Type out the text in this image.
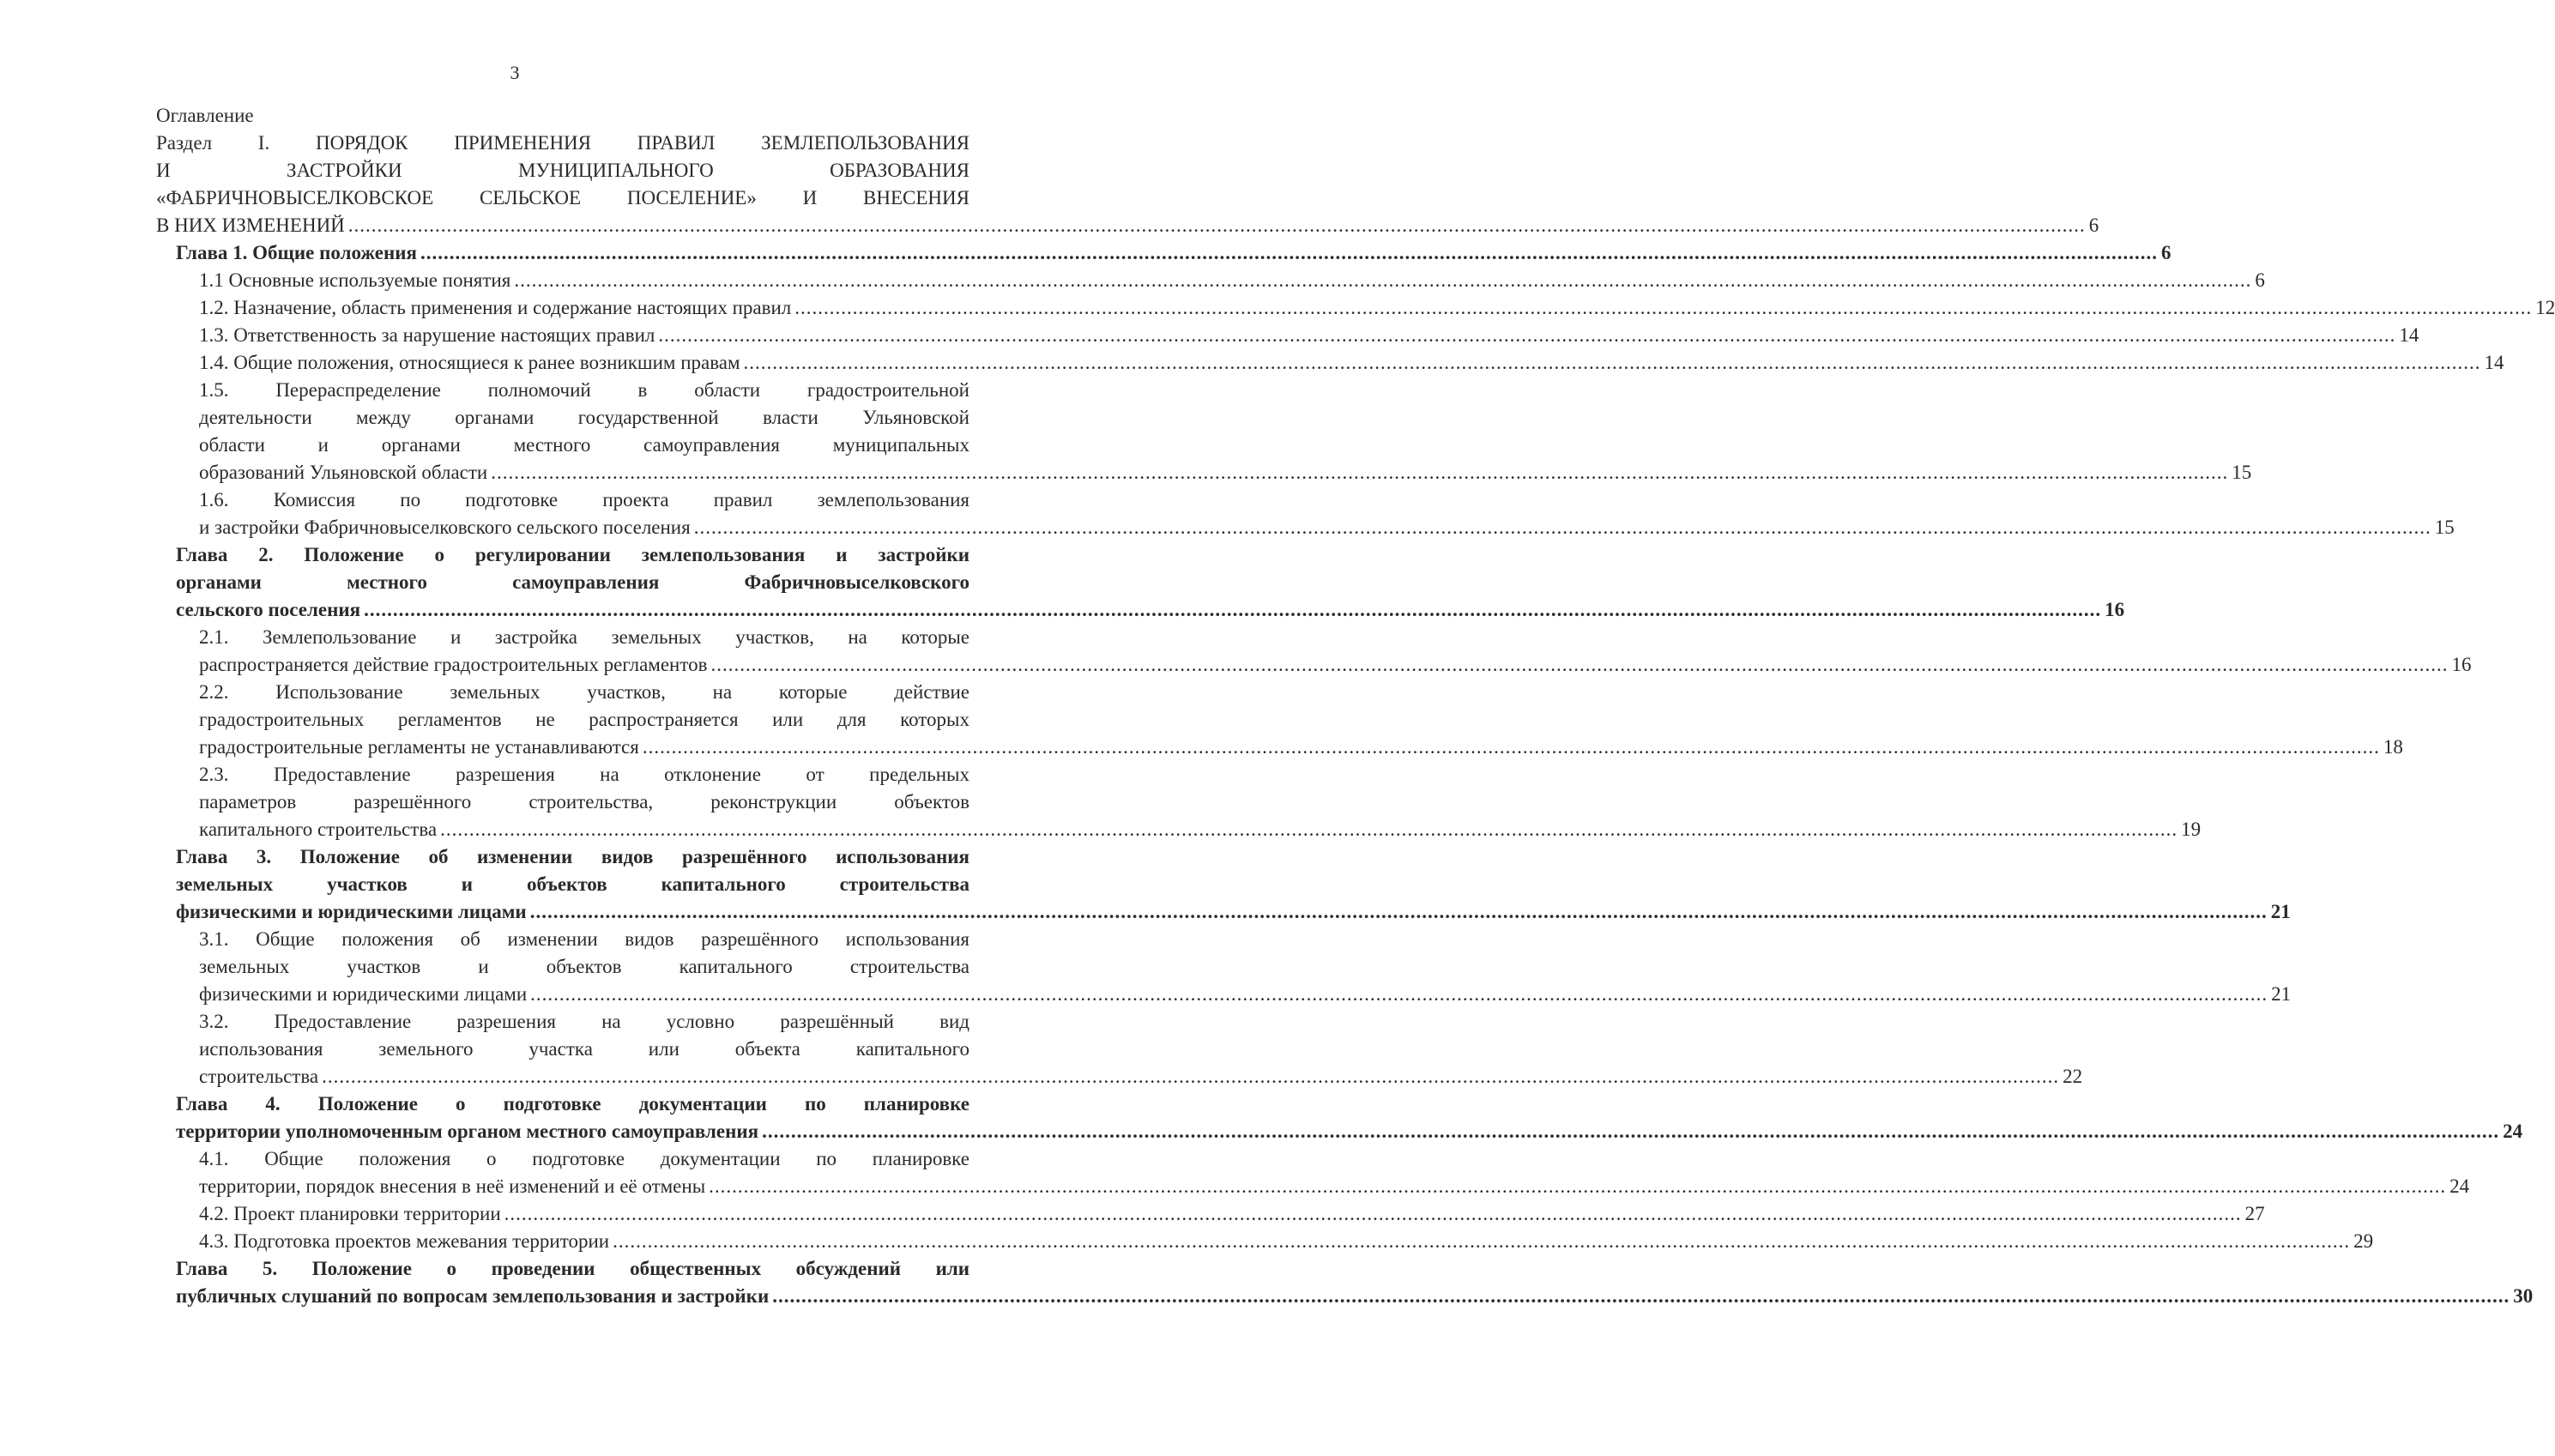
3
Оглавление
Раздел I. ПОРЯДОК ПРИМЕНЕНИЯ ПРАВИЛ ЗЕМЛЕПОЛЬЗОВАНИЯ
И ЗАСТРОЙКИ МУНИЦИПАЛЬНОГО ОБРАЗОВАНИЯ
«ФАБРИЧНОВЫСЕЛКОВСКОЕ СЕЛЬСКОЕ ПОСЕЛЕНИЕ» И ВНЕСЕНИЯ
В НИХ ИЗМЕНЕНИЙ ............................................................................................................................................................................................................................................................................................................ 6
Глава 1. Общие положения ............................................................................................................................................................................................................................................................................................................ 6
1.1 Основные используемые понятия ............................................................................................................................................................................................................................................................................................................ 6
1.2. Назначение, область применения и содержание настоящих правил ............................................................................................................................................................................................................................................................................................................ 12
1.3. Ответственность за нарушение настоящих правил ............................................................................................................................................................................................................................................................................................................ 14
1.4. Общие положения, относящиеся к ранее возникшим правам ............................................................................................................................................................................................................................................................................................................ 14
1.5. Перераспределение полномочий в области градостроительной
деятельности между органами государственной власти Ульяновской
области и органами местного самоуправления муниципальных
образований Ульяновской области ............................................................................................................................................................................................................................................................................................................ 15
1.6. Комиссия по подготовке проекта правил землепользования
и застройки Фабричновыселковского сельского поселения ............................................................................................................................................................................................................................................................................................................ 15
Глава 2. Положение о регулировании землепользования и застройки
органами местного самоуправления Фабричновыселковского
сельского поселения ............................................................................................................................................................................................................................................................................................................ 16
2.1. Землепользование и застройка земельных участков, на которые
распространяется действие градостроительных регламентов ............................................................................................................................................................................................................................................................................................................ 16
2.2. Использование земельных участков, на которые действие
градостроительных регламентов не распространяется или для которых
градостроительные регламенты не устанавливаются ............................................................................................................................................................................................................................................................................................................ 18
2.3. Предоставление разрешения на отклонение от предельных
параметров разрешённого строительства, реконструкции объектов
капитального строительства ............................................................................................................................................................................................................................................................................................................ 19
Глава 3. Положение об изменении видов разрешённого использования
земельных участков и объектов капитального строительства
физическими и юридическими лицами ............................................................................................................................................................................................................................................................................................................ 21
3.1. Общие положения об изменении видов разрешённого использования
земельных участков и объектов капитального строительства
физическими и юридическими лицами ............................................................................................................................................................................................................................................................................................................ 21
3.2. Предоставление разрешения на условно разрешённый вид
использования земельного участка или объекта капитального
строительства ............................................................................................................................................................................................................................................................................................................ 22
Глава 4. Положение о подготовке документации по планировке
территории уполномоченным органом местного самоуправления ............................................................................................................................................................................................................................................................................................................ 24
4.1. Общие положения о подготовке документации по планировке
территории, порядок внесения в неё изменений и её отмены ............................................................................................................................................................................................................................................................................................................ 24
4.2. Проект планировки территории ............................................................................................................................................................................................................................................................................................................ 27
4.3. Подготовка проектов межевания территории ............................................................................................................................................................................................................................................................................................................ 29
Глава 5. Положение о проведении общественных обсуждений или
публичных слушаний по вопросам землепользования и застройки ............................................................................................................................................................................................................................................................................................................ 30
